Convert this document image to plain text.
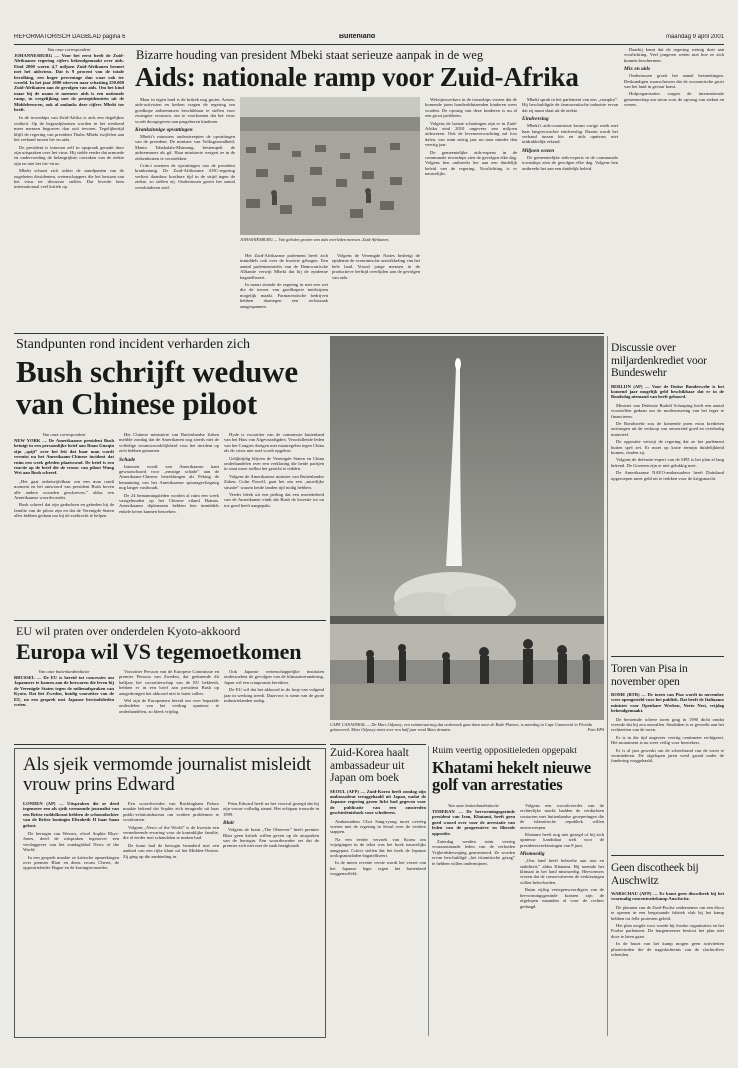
REFORMATORISCH DAGBLAD pagina 6	Buitenland	maandag 9 april 2001
Van onze correspondent
JOHANNESBURG — Voor het eerst heeft de Zuid-Afrikaanse regering cijfers bekendgemaakt over aids. Eind 2000 waren 4,7 miljoen Zuid-Afrikanen besmet met het aidsvirus. Dat is 9 procent van de totale bevolking, een hoger percentage dan waar ook ter wereld. In het jaar 2000 stierven naar schatting 250.000 Zuid-Afrikanen aan de gevolgen van aids. Om het kind maar bij de naam te noemen: aids is een nationale ramp, in vergelijking met de pestepidemieën uit de Middeleeuwen, ook al ondanks deze cijfers Mbeki toe heeft.
In de townships van Zuid-Afrika is aids een dagelijkse realiteit. Op de begraafplaatsen worden in het weekend meer mensen begraven dan ooit tevoren. Tegelijkertijd blijft de regering van president Thabo Mbeki twijfelen aan het verband tussen hiv en aids.
De president is intussen zelf in opspraak geraakt door zijn uitspraken over het virus. Hij stelde eerder dat armoede en ondervoeding de belangrijkste oorzaken van de ziekte zijn en niet het hiv-virus.
Mbeki schaart zich achter de standpunten van de zogeheten dissidenten, wetenschappers die het bestaan van het virus ter discussie stellen. Dat leverde hem internationaal veel kritiek op.
Bizarre houding van president Mbeki staat serieuze aanpak in de weg
Aids: nationale ramp voor Zuid-Afrika
Maar in eigen land is de kritiek nog groter. Artsen, aids-activisten en kerken vragen de regering om goedkope aidsremmers beschikbaar te stellen voor zwangere vrouwen, om te voorkomen dat het virus wordt doorgegeven aan pasgeboren kinderen.
Krankzinnige opvattingen
Mbeki's ministers onderstreepten de opvattingen van de president. De minister van Volksgezondheid, Manto Tshabalala-Msimang, bestempelt de aidsremmers als gif. Haar ministerie weigert ze in de ziekenhuizen te verstrekken.
Critici noemen de opvattingen van de president krankzinnig. De Zuid-Afrikaanse ANC-regering verliest daardoor kostbare tijd in de strijd tegen de ziekte, zo stellen zij. Ondertussen groeit het aantal weeskinderen snel.
JOHANNESBURG — Van geleden graven van aids overleden mensen. Zuid-Afrikanen.
Het Zuid-Afrikaanse parlement heeft zich inmiddels ook over de kwestie gebogen. Een aantal parlementariërs van de Democratische Alliantie verwijt Mbeki dat hij de epidemie bagatelliseert.
In maart stemde de regering in met een wet die de invoer van goedkopere medicijnen mogelijk maakt. Farmaceutische bedrijven hebben daartegen een rechtszaak aangespannen.
Volgens de Verenigde Naties bedreigt de epidemie de economische ontwikkeling van het hele land. Vooral jonge mensen in de productieve leeftijd overlijden aan de gevolgen van aids.
Welzijnswerkers in de townships vrezen dat de komende jaren honderdduizenden kinderen wees worden. De opvang van deze kinderen is nu al een groot probleem.
Volgens de laatste schattingen zijn er in Zuid-Afrika eind 2010 ongeveer een miljoen aidswezen. Ook de levensverwachting zal fors dalen, van ruim zestig jaar nu naar minder dan veertig jaar.
De gemeentelijke aids-experts in de communale townships zien de gevolgen elke dag. Volgens hen ontbreekt het aan een duidelijk beleid van de regering. Voorlichting is er nauwelijks.
Mbeki sprak in het parlement van een „complot”. Hij beschuldigde de farmaceutische industrie ervan dat zij munt slaat uit de ziekte.
Eindverslag
Mbeki's aids-commissie kwam vorige week met haar langverwachte eindverslag. Daarin wordt het verband tussen hiv en aids opnieuw niet uitdrukkelijk erkend.
Miljoen wezen
De gemeentelijke aids-experts in de communale townships zien de gevolgen elke dag. Volgens hen ontbreekt het aan een duidelijk beleid.
Daarbij komt dat de regering weinig doet aan voorlichting. Veel jongeren weten niet hoe ze zich kunnen beschermen.
Mix en aids
Ondertussen groeit het aantal besmettingen. Deskundigen waarschuwen dat de economische groei van het land in gevaar komt.
Hulporganisaties vragen de internationale gemeenschap om steun voor de opvang van zieken en wezen.
Standpunten rond incident verharden zich
Bush schrijft weduwe van Chinese piloot
Van onze correspondent
NEW YORK — De Amerikaanse president Bush betuigt in een persoonlijke brief aan Ruan Guoqin zijn „spijt” over het feit dat haar man wordt vermist na het Amerikaans-Chinese incident dat ruim een week geleden plaatsvond. De brief is een reactie op de brief die de vrouw van piloot Wang Wei aan Bush schreef.
„Het gaat onbetwijfelbaar om een man rondt moment en het antwoord van president Bush boven alle andere woorden geschreven,” aldus een Amerikaanse woordvoerder.
Bush schreef dat zijn gedachten en gebeden bij de familie van de piloot zijn en dat de Verenigde Staten alles hebben gedaan om bij de zoektocht te helpen.
Het Chinese ministerie van Buitenlandse Zaken meldde zondag dat de Amerikanen nog steeds niet de volledige verantwoordelijkheid voor het incident op zich hebben genomen.
Schade
Intussen wordt van Amerikaanse kant gewaarschuwd voor „ernstige schade” aan de Amerikaans-Chinese betrekkingen als Peking de bemanning van het Amerikaanse spionagevliegtuig nog langer vasthoudt.
De 24 bemanningsleden worden al ruim een week vastgehouden op het Chinese eiland Hainan. Amerikaanse diplomaten hebben hen inmiddels enkele keren kunnen bezoeken.
Hyde is voorzitter van de commissie buitenland van het Huis van Afgevaardigden. Verschillende leden van het Congres dreigen met maatregelen tegen China als de crisis niet snel wordt opgelost.
Gelijktijdig blijven de Verenigde Staten en China onderhandelen over een verklaring die beide partijen in staat moet stellen het gezicht te redden.
Volgens de Amerikaanse minister van Buitenlandse Zaken, Colin Powell, gaat het om een „moeilijke situatie” waarin beide landen tijd nodig hebben.
Verder bleek uit een peiling dat een meerderheid van de Amerikanen vindt dat Bush de kwestie tot nu toe goed heeft aangepakt.
CAPE CANAVERAL — De Mars Odyssey, een ruimtevaartuig dat onderzoek gaat doen naar de Rode Planeet, is zaterdag in Cape Canaveral in Florida gelanceerd. Mars Odyssey moet over een half jaar rond Mars draaien.	Foto EPA
EU wil praten over onderdelen Kyoto-akkoord
Europa wil VS tegemoetkomen
Van onze buitenlandredactie
BRUSSEL — De EU is bereid tot concessies om Japanners te komen aan de bezwaren die leven bij de Verenigde Staten tegen de milieuafspraken van Kyoto. Dat liet Zweden, huidig voorzitter van de EU, na een gesprek met Japanse bewindslieden weten.
Voorzitter Persson van de Europese Commissie en premier Persson van Zweden, dat gedurende dit halfjaar het voorzitterschap van de EU bekleedt, hebben er in een brief aan president Bush op aangedrongen het akkoord niet te laten vallen.
Wel zijn de Europeanen bereid om over bepaalde onderdelen van het verdrag opnieuw te onderhandelen, zo bleek vrijdag.
Ook Japanse wetenschappelijke instituten onderzoeken de gevolgen van de klimaatverandering. Japan wil een compromis bereiken.
De EU wil dat het akkoord in de loop van volgend jaar in werking treedt. Daarvoor is steun van de grote industrielanden nodig.
Als sjeik vermomde journalist misleidt vrouw prins Edward
LONDEN (AP) — Uitspraken die ze deed tegenover een als sjeik vermomde journalist van een Britse roddelkrant hebben de schoondochter van de Britse koningin Elizabeth II haar baan gekost.
De hertogin van Wessex, ofwel Sophie Rhys-Jones, deed de uitspraken tegenover een verslaggever van het zondagsblad News of the World.
In een gesprek maakte ze kritische opmerkingen over premier Blair en diens vrouw Cherie, de oppositieleider Hague en de koningin-moeder.
Een woordvoerder van Buckingham Palace maakte bekend dat Sophie zich terugtrekt uit haar public-relationsbureau om verdere problemen te voorkomen.
Volgens „News of the World” is de kwestie een vernederende ervaring voor de koninklijke familie, die al eerder met schandalen te maken had.
De krant had de hertogin benaderd met een aanbod van een rijke klant uit het Midden-Oosten. Zij ging op die aanbieding in.
Prins Edward heeft na het voorval gezegd dat hij zijn vrouw volledig steunt. Het echtpaar trouwde in 1999.
Blair
Volgens de krant „The Observer” heeft premier Blair geen kritiek willen geven op de uitspraken van de hertogin. Een woordvoerder zei dat de premier zich niet met de zaak bezighoudt.
Zuid-Korea haalt ambassadeur uit Japan om boek
SEOUL (AFP) — Zuid-Korea heeft zondag zijn ambassadeur teruggehaald uit Japan, nadat de Japanse regering groen licht had gegeven voor de publicatie van een omstreden geschiedenisboek voor scholieren.
Ambassadeur Choi Sang-ryong moet overleg voeren met de regering in Seoul over de verdere stappen.
Na een eerder verzoek van Korea om wijzigingen in de tekst was het boek nauwelijks aangepast. Critici stellen dat het boek de Japanse oorlogsmisdaden bagatelliseert.
In de meest recente versie wordt het verzet van het Japanse leger tegen het buitenland weggemoffeld.
Ruim veertig oppositieleden opgepakt
Khatami hekelt nieuwe golf van arrestaties
Van onze buitenlandredactie
TEHERAN — De hervormingsgezinde president van Iran, Khatami, heeft geen goed woord over voor de arrestatie van leden van de progressieve en liberale oppositie.
Zaterdag werden ruim veertig vooraanstaande leden van de verboden Vrijheidsbeweging gearresteerd. Ze worden ervan beschuldigd „het islamitische gezag” te hebben willen ondermijnen.
Volgens een woordvoerder van de rechterlijke macht hadden de verdachten contacten met buitenlandse groeperingen die de islamitische republiek willen omverwerpen.
Khatami heeft nog niet gezegd of hij zich opnieuw kandidaat stelt voor de presidentsverkiezingen van 8 juni.
Mismoedig
„Ons land heeft behoefte aan rust en stabiliteit,” aldus Khatami. Hij noemde het klimaat in het land mismoedig. Hervormers vrezen dat de conservatieven de verkiezingen willen beïnvloeden.
Ruim vijftig vertegenwoordigers van de hervormingsgezinde kranten zijn de afgelopen maanden al voor de rechter gedaagd.
Discussie over miljardenkrediet voor Bundeswehr
BERLIJN (AP) — Voor de Duitse Bundeswehr is het komend jaar mogelijk geld beschikbaar dat er in de Bondsdag niemand van heeft gehoord.
Minister van Defensie Rudolf Scharping heeft een aantal voorstellen gedaan om de modernisering van het leger te financieren.
De Bondswebr zou de komende jaren extra kredieten ontvangen uit de verkoop van onroerend goed en overbodig materieel.
De oppositie verwijt de regering dat ze het parlement buiten spel zet. Er moet op korte termijn duidelijkheid komen, vinden zij.
Volgens de defensie-expert van de SPD is het plan al lang bekend. De Groenen zijn er niet gelukkig mee.
De Amerikaanse NAVO-ambassadeur heeft Duitsland opgeroepen meer geld uit te trekken voor de krijgsmacht.
Toren van Pisa in november open
ROME (RTR) — De toren van Pisa wordt in november weer opengesteld voor het publiek. Dat heeft de Italiaanse minister voor Openbare Werken, Nerio Nesi, vrijdag bekendgemaakt.
De beroemde scheve toren ging in 1990 dicht omdat vreesde dat hij zou omvallen. Sindsdien is er gewerkt aan het rechtzetten van de toren.
Er is in die tijd ongeveer veertig centimeter rechtgezet. Het monument is nu weer veilig voor bezoekers.
Er is al jaar gewerkt om de scheefstand van de toren te verminderen. De afgelopen jaren werd grond onder de fundering weggehaald.
Geen discotheek bij Auschwitz
WARSCHAU (AFP) — Er komt geen discotheek bij het voormalig concentratiekamp Auschwitz.
De plannen van de Zuid-Poolse ondernemer om een disco te openen in een leegstaande fabriek vlak bij het kamp hebben tot felle protesten geleid.
Het plan zorgde voor woede bij Joodse organisaties en het Poolse parlement. De burgemeester besloot het plan niet door te laten gaan.
In de buurt van het kamp mogen geen activiteiten plaatsvinden die de nagedachtenis van de slachtoffers schenden.
